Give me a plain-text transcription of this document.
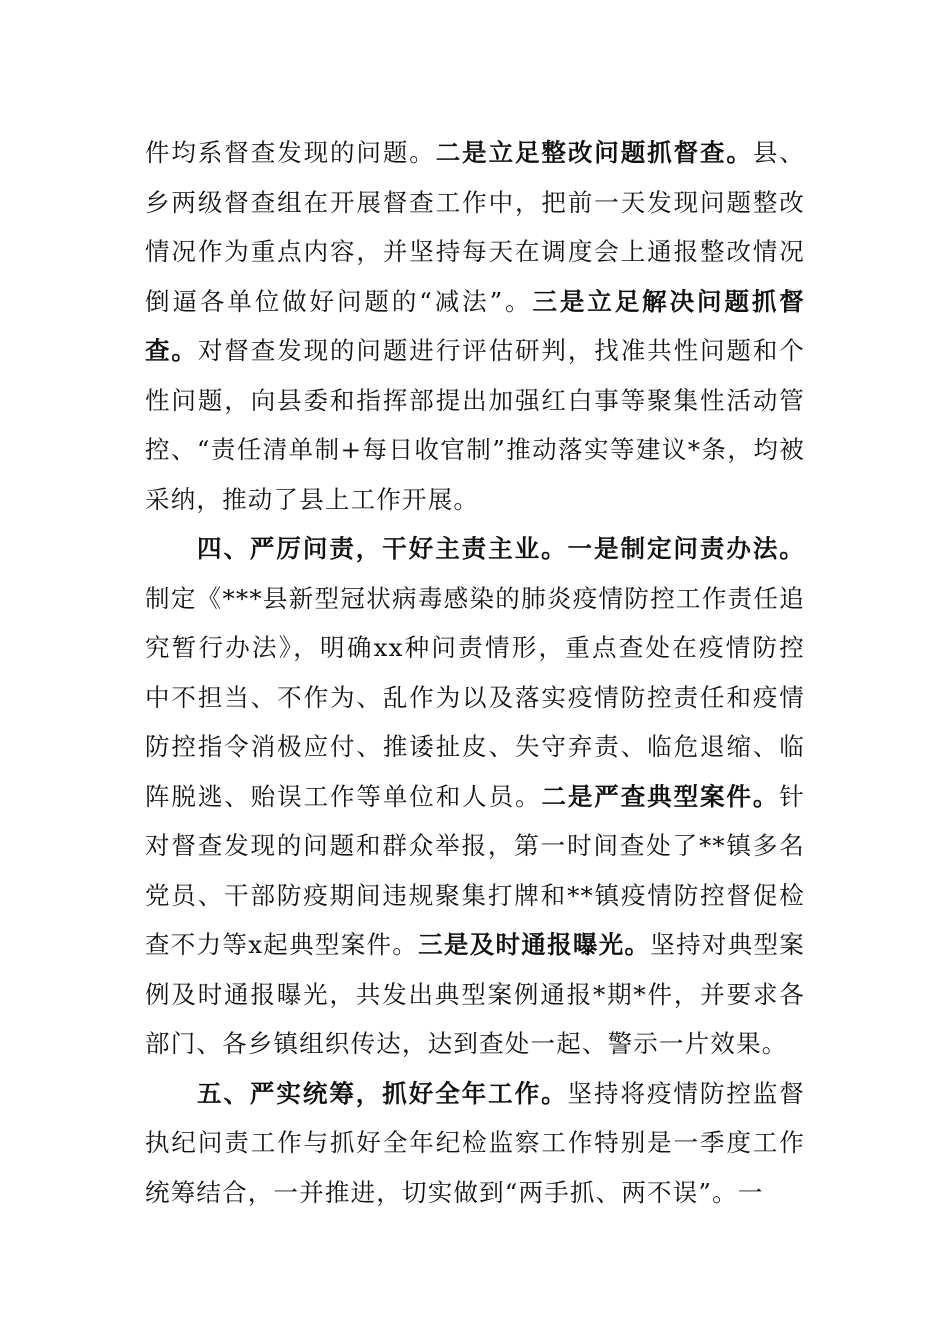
件均系督查发现的问题。二是立足整改问题抓督查。县、乡两级督查组在开展督查工作中，把前一天发现问题整改情况作为重点内容，并坚持每天在调度会上通报整改情况倒逼各单位做好问题的“减法”。三是立足解决问题抓督查。对督查发现的问题进行评估研判，找准共性问题和个性问题，向县委和指挥部提出加强红白事等聚集性活动管控、“责任清单制+每日收官制”推动落实等建议*条，均被采纳，推动了县上工作开展。

四、严厉问责，干好主责主业。一是制定问责办法。制定《***县新型冠状病毒感染的肺炎疫情防控工作责任追究暂行办法》，明确xx种问责情形，重点查处在疫情防控中不担当、不作为、乱作为以及落实疫情防控责任和疫情防控指令消极应付、推诿扯皮、失守弃责、临危退缩、临阵脱逃、贻误工作等单位和人员。二是严查典型案件。针对督查发现的问题和群众举报，第一时间查处了**镇多名党员、干部防疫期间违规聚集打牌和**镇疫情防控督促检查不力等x起典型案件。三是及时通报曝光。坚持对典型案例及时通报曝光，共发出典型案例通报*期*件，并要求各部门、各乡镇组织传达，达到查处一起、警示一片效果。

五、严实统筹，抓好全年工作。坚持将疫情防控监督执纪问责工作与抓好全年纪检监察工作特别是一季度工作统筹结合，一并推进，切实做到“两手抓、两不误”。一
